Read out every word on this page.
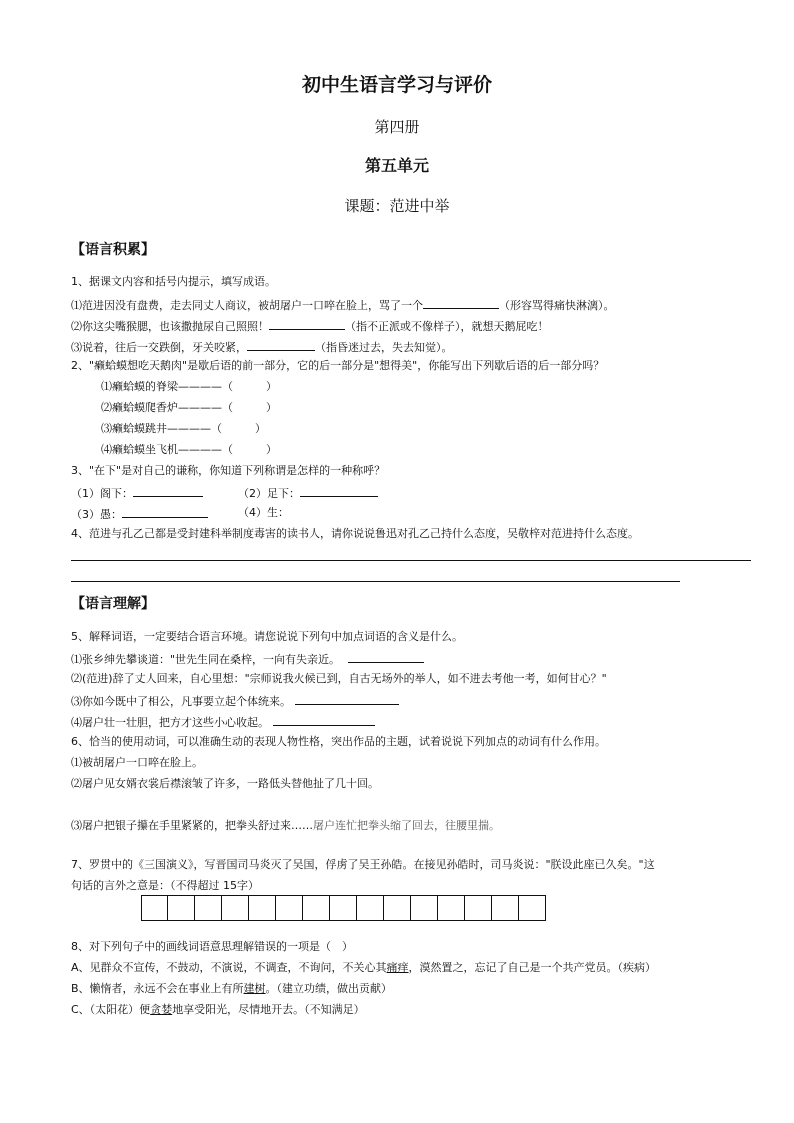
初中生语言学习与评价
第四册
第五单元
课题：范进中举
【语言积累】
1、据课文内容和括号内提示，填写成语。
⑴范进因没有盘费，走去同丈人商议，被胡屠户一口啐在脸上，骂了一个	（形容骂得痛快淋漓）。
⑵你这尖嘴猴腮，也该撒抛尿自己照照！	（指不正派或不像样子），就想天鹅屁吃！
⑶说着，往后一交跌倒，牙关咬紧，	（指昏迷过去，失去知觉）。
2、"癞蛤蟆想吃天鹅肉"是歇后语的前一部分，它的后一部分是"想得美"，你能写出下列歇后语的后一部分吗？
⑴癞蛤蟆的脊梁————（　　　）
⑵癞蛤蟆爬香炉————（　　　）
⑶癞蛤蟆跳井————（　　　）
⑷癞蛤蟆坐飞机————（　　　）
3、"在下"是对自己的谦称，你知道下列称谓是怎样的一种称呼？
（1）阁下：	（2）足下：
（3）愚：	（4）生：
4、范进与孔乙己都是受封建科举制度毒害的读书人，请你说说鲁迅对孔乙己持什么态度，吴敬梓对范进持什么态度。
【语言理解】
5、解释词语，一定要结合语言环境。请您说说下列句中加点词语的含义是什么。
⑴张乡绅先攀谈道："世先生同在桑梓，一向有失亲近。
⑵(范进)辞了丈人回来，自心里想："宗师说我火候已到，自古无场外的举人，如不进去考他一考，如何甘心？"
⑶你如今既中了相公，凡事要立起个体统来。
⑷屠户壮一壮胆，把方才这些小心收起。
6、恰当的使用动词，可以准确生动的表现人物性格，突出作品的主题，试着说说下列加点的动词有什么作用。
⑴被胡屠户一口啐在脸上。
⑵屠户见女婿衣裳后襟滚皱了许多，一路低头替他扯了几十回。
⑶屠户把银子攥在手里紧紧的，把拳头舒过来……屠户连忙把拳头缩了回去，往腰里揣。
7、罗贯中的《三国演义》，写晋国司马炎灭了吴国，俘虏了吴王孙皓。在接见孙皓时，司马炎说："朕设此座已久矣。"这
句话的言外之意是：（不得超过 15字）
8、对下列句子中的画线词语意思理解错误的一项是（　）
A、见群众不宣传，不鼓动，不演说，不调查，不询问，不关心其痛痒，漠然置之，忘记了自己是一个共产党员。（疾病）
B、懒惰者，永远不会在事业上有所建树。（建立功绩，做出贡献）
C、（太阳花）便贪婪地享受阳光，尽情地开去。（不知满足）
